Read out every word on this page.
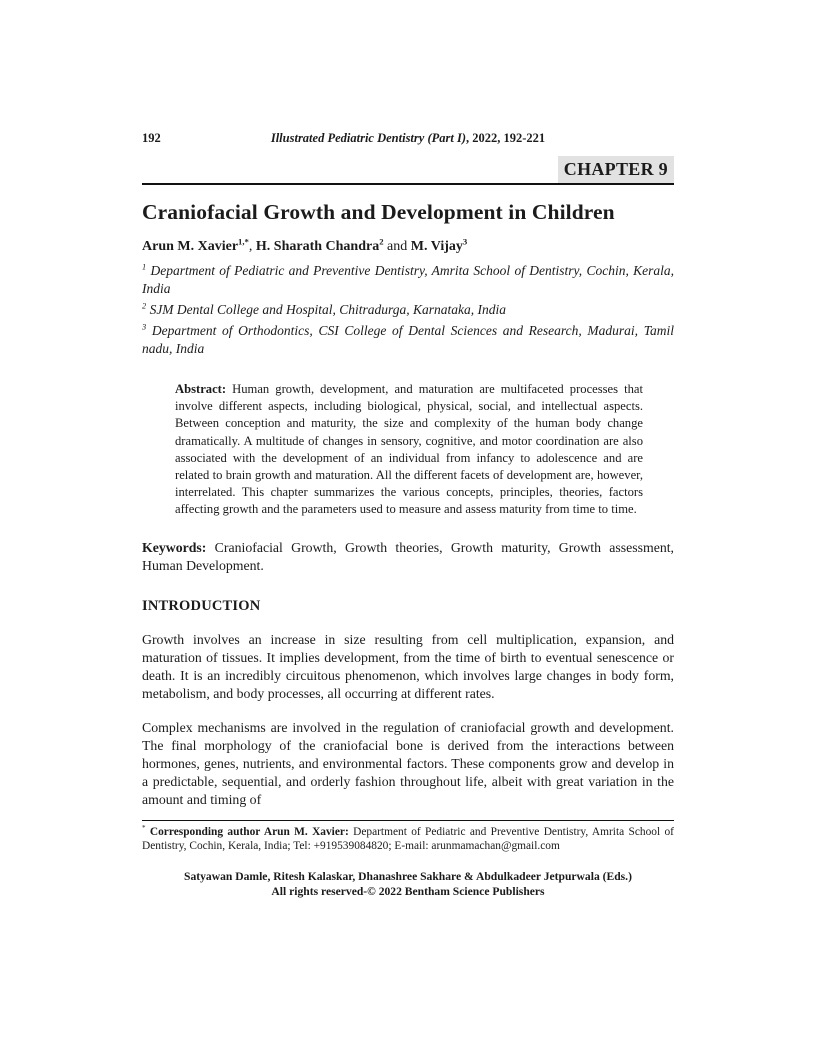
192	Illustrated Pediatric Dentistry (Part I), 2022, 192-221
CHAPTER 9
Craniofacial Growth and Development in Children

Arun M. Xavier$^{1,*}$, H. Sharath Chandra$^2$ and M. Vijay$^3$

$^1$ Department of Pediatric and Preventive Dentistry, Amrita School of Dentistry, Cochin, Kerala, India

$^2$ SJM Dental College and Hospital, Chitradurga, Karnataka, India

$^3$ Department of Orthodontics, CSI College of Dental Sciences and Research, Madurai, Tamil nadu, India

Abstract: Human growth, development, and maturation are multifaceted processes that involve different aspects, including biological, physical, social, and intellectual aspects. Between conception and maturity, the size and complexity of the human body change dramatically. A multitude of changes in sensory, cognitive, and motor coordination are also associated with the development of an individual from infancy to adolescence and are related to brain growth and maturation. All the different facets of development are, however, interrelated. This chapter summarizes the various concepts, principles, theories, factors affecting growth and the parameters used to measure and assess maturity from time to time.

Keywords: Craniofacial Growth, Growth theories, Growth maturity, Growth assessment, Human Development.

INTRODUCTION

Growth involves an increase in size resulting from cell multiplication, expansion, and maturation of tissues. It implies development, from the time of birth to eventual senescence or death. It is an incredibly circuitous phenomenon, which involves large changes in body form, metabolism, and body processes, all occurring at different rates.

Complex mechanisms are involved in the regulation of craniofacial growth and development. The final morphology of the craniofacial bone is derived from the interactions between hormones, genes, nutrients, and environmental factors. These components grow and develop in a predictable, sequential, and orderly fashion throughout life, albeit with great variation in the amount and timing of

* Corresponding author Arun M. Xavier: Department of Pediatric and Preventive Dentistry, Amrita School of Dentistry, Cochin, Kerala, India; Tel: +919539084820; E-mail: arunmamachan@gmail.com

Satyawan Damle, Ritesh Kalaskar, Dhanashree Sakhare & Abdulkadeer Jetpurwala (Eds.)
All rights reserved-© 2022 Bentham Science Publishers
